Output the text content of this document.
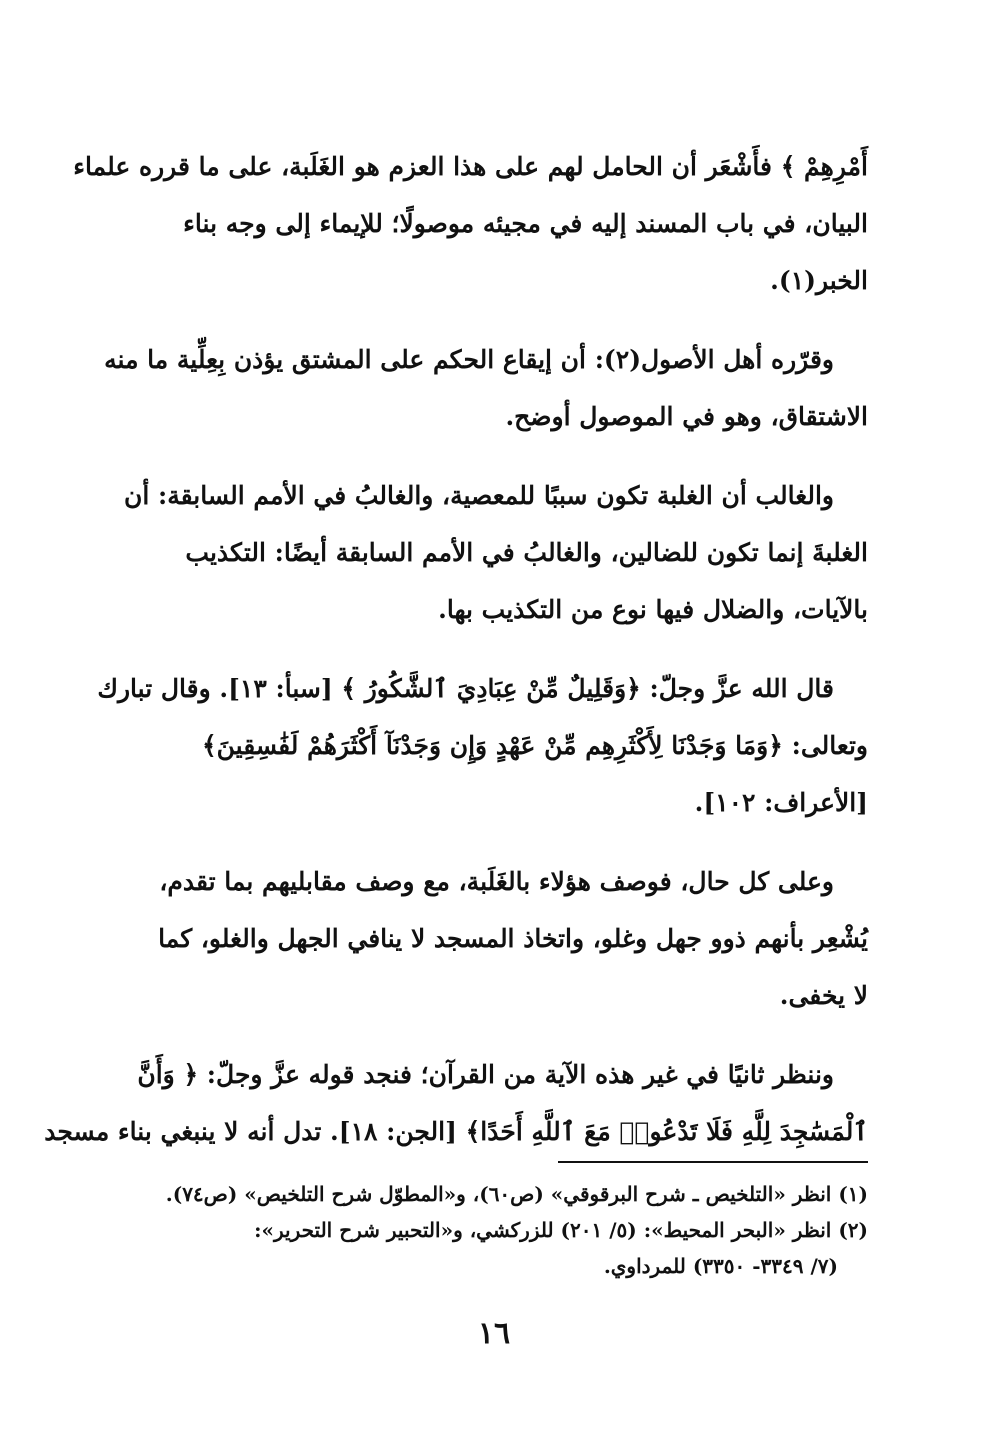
أَمْرِهِمْ ﴾ فأَشْعَر أن الحامل لهم على هذا العزم هو الغَلَبة، على ما قرره علماء
البيان، في باب المسند إليه في مجيئه موصولًا؛ للإيماء إلى وجه بناء
الخبر(١).

وقرّره أهل الأصول(٢): أن إيقاع الحكم على المشتق يؤذن بِعِلِّية ما منه
الاشتقاق، وهو في الموصول أوضح.

والغالب أن الغلبة تكون سببًا للمعصية، والغالبُ في الأمم السابقة: أن
الغلبةَ إنما تكون للضالين، والغالبُ في الأمم السابقة أيضًا: التكذيب
بالآيات، والضلال فيها نوع من التكذيب بها.

قال الله عزَّ وجلّ: ﴿وَقَلِيلٌ مِّنْ عِبَادِيَ ٱلشَّكُورُ ﴾ [سبأ: ١٣]. وقال تبارك
وتعالى: ﴿وَمَا وَجَدْنَا لِأَكْثَرِهِم مِّنْ عَهْدٍ وَإِن وَجَدْنَآ أَكْثَرَهُمْ لَفَٰسِقِينَ﴾
[الأعراف: ١٠٢].

وعلى كل حال، فوصف هؤلاء بالغَلَبة، مع وصف مقابليهم بما تقدم،
يُشْعِر بأنهم ذوو جهل وغلو، واتخاذ المسجد لا ينافي الجهل والغلو، كما
لا يخفى.

وننظر ثانيًا في غير هذه الآية من القرآن؛ فنجد قوله عزَّ وجلّ: ﴿ وَأَنَّ
ٱلْمَسَٰجِدَ لِلَّهِ فَلَا تَدْعُوا۟ مَعَ ٱللَّهِ أَحَدًا﴾ [الجن: ١٨]. تدل أنه لا ينبغي بناء مسجد

(١) انظر «التلخيص ـ شرح البرقوقي» (ص٦٠)، و«المطوّل شرح التلخيص» (ص٧٤).
(٢) انظر «البحر المحيط»: (٥/ ٢٠١) للزركشي، و«التحبير شرح التحرير»:
(٧/ ٣٣٤٩- ٣٣٥٠) للمرداوي.
١٦
